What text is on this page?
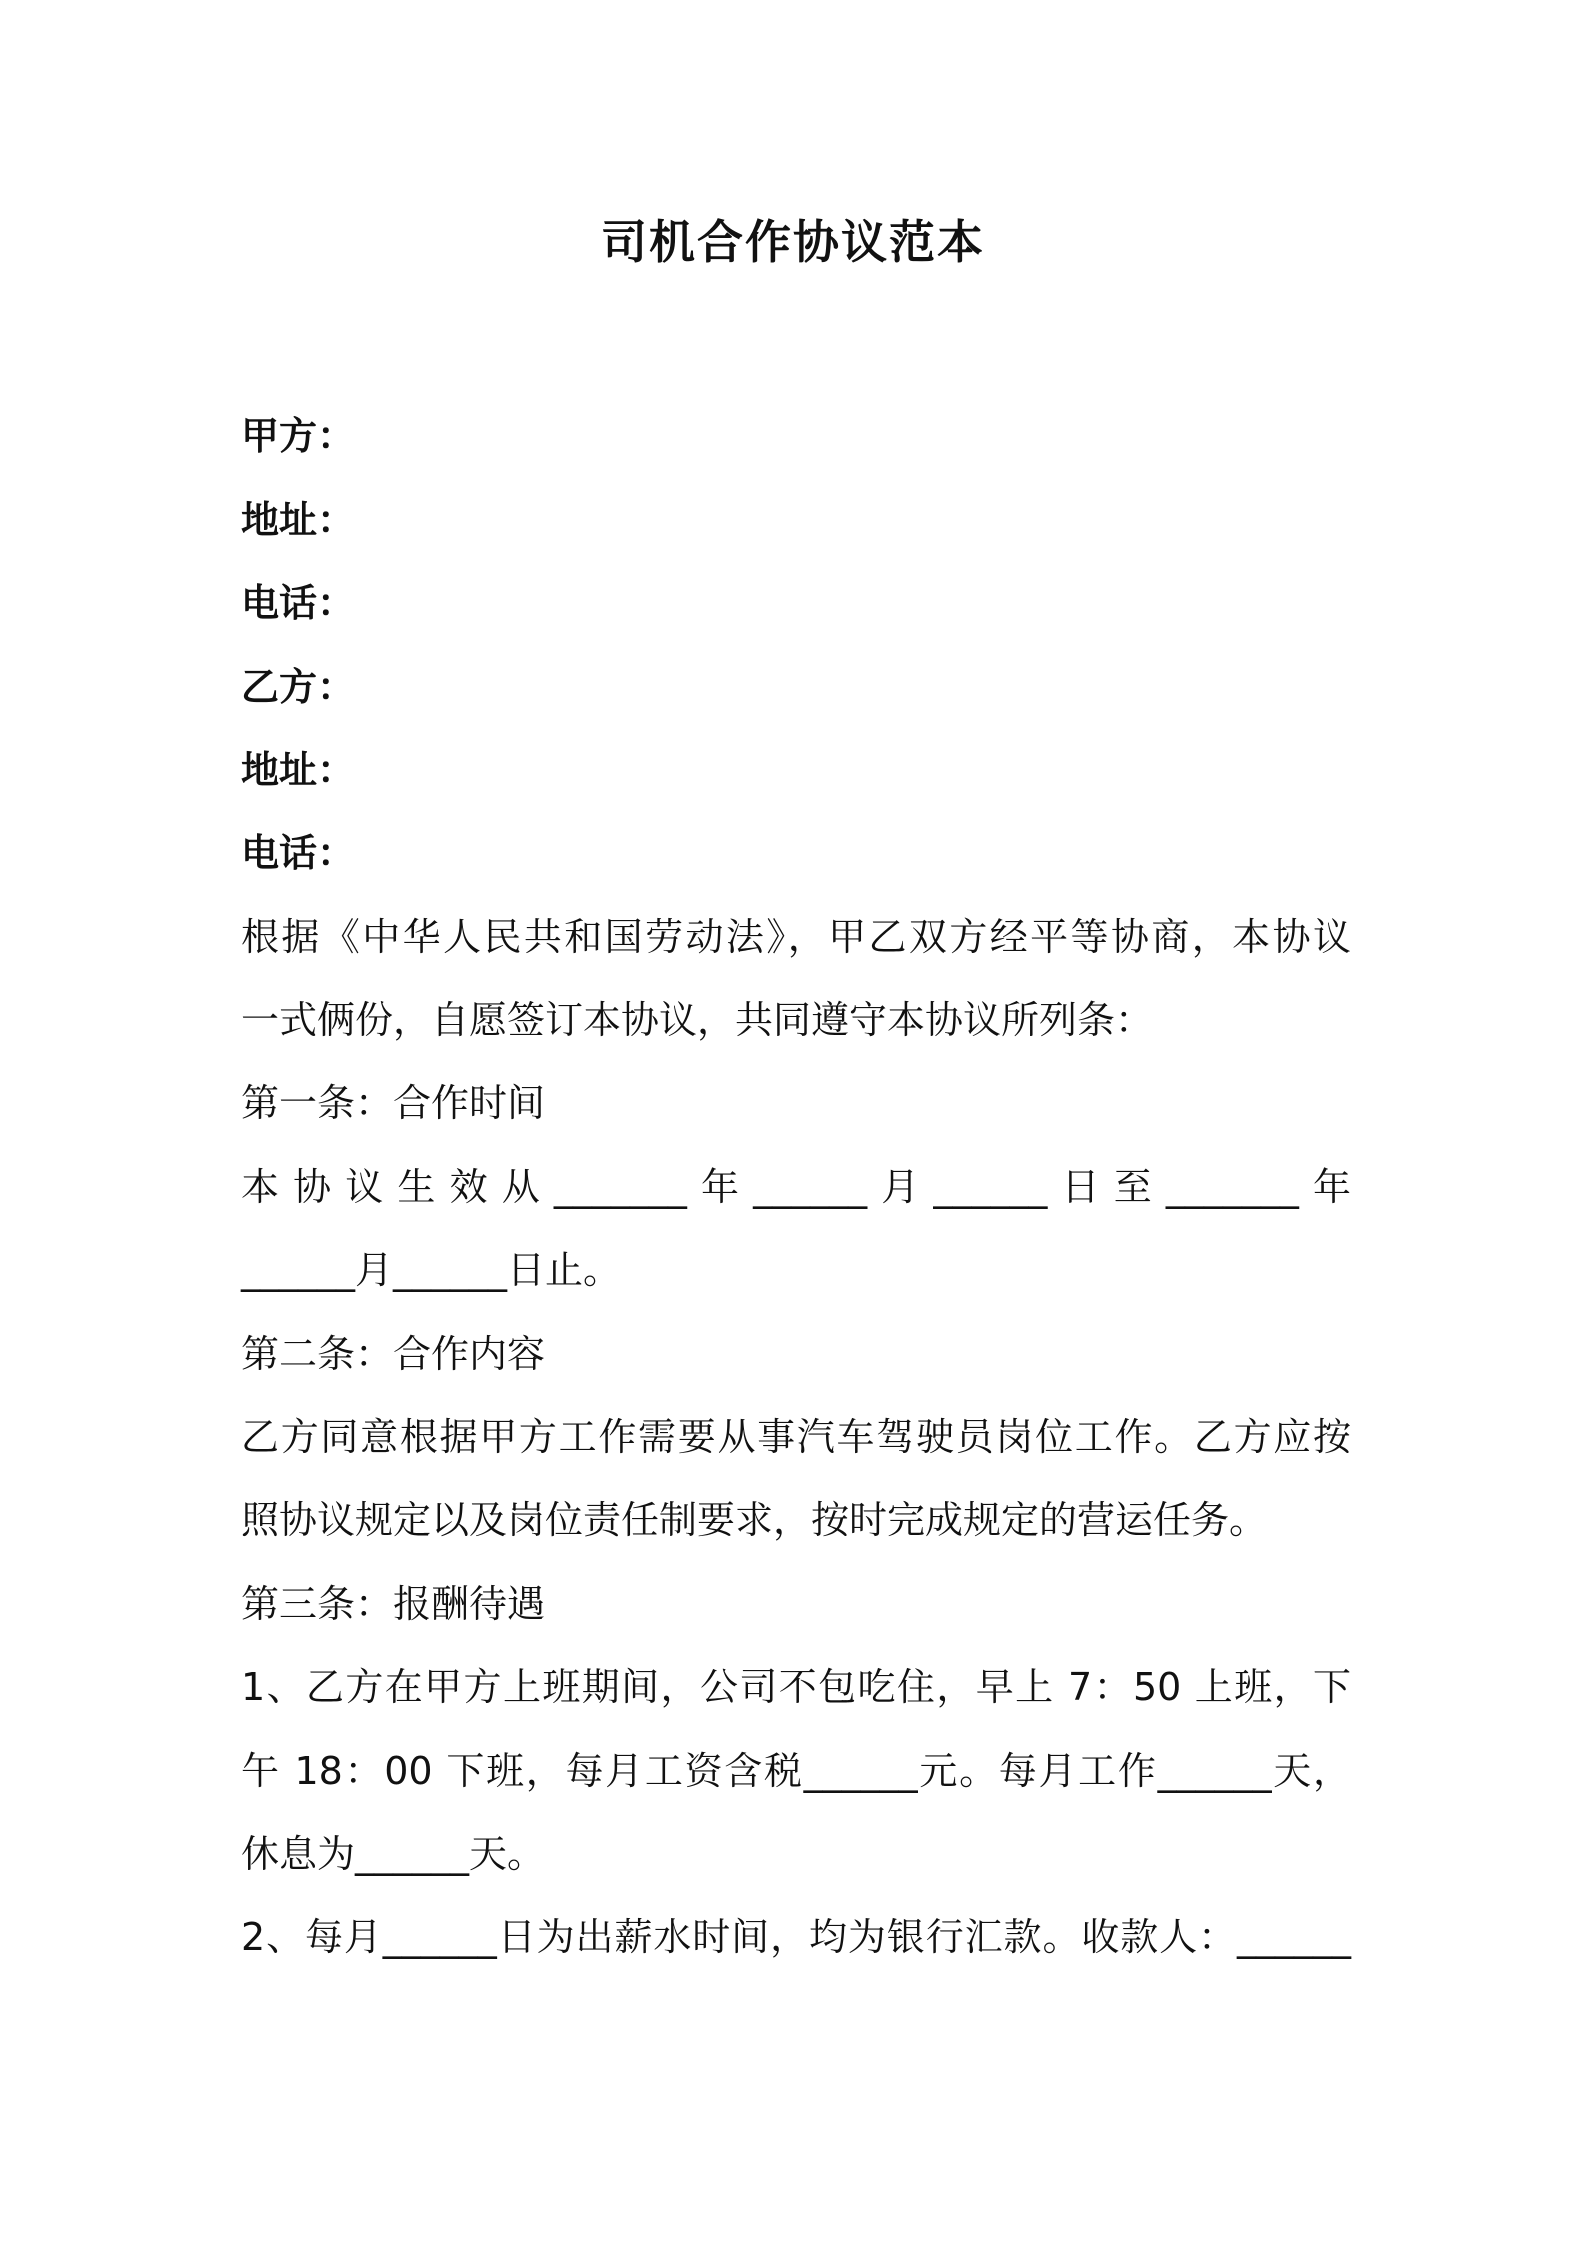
司机合作协议范本
甲方：
地址：
电话：
乙方：
地址：
电话：
根据《中华人民共和国劳动法》，甲乙双方经平等协商，本协议
一式俩份，自愿签订本协议，共同遵守本协议所列条：
第一条：合作时间
本协议生效从_______年______月______日至_______年
______月______日止。
第二条：合作内容
乙方同意根据甲方工作需要从事汽车驾驶员岗位工作。乙方应按
照协议规定以及岗位责任制要求，按时完成规定的营运任务。
第三条：报酬待遇
1、乙方在甲方上班期间，公司不包吃住，早上 7：50 上班，下
午 18：00 下班，每月工资含税______元。每月工作______天，
休息为______天。
2、每月______日为出薪水时间，均为银行汇款。收款人：______
